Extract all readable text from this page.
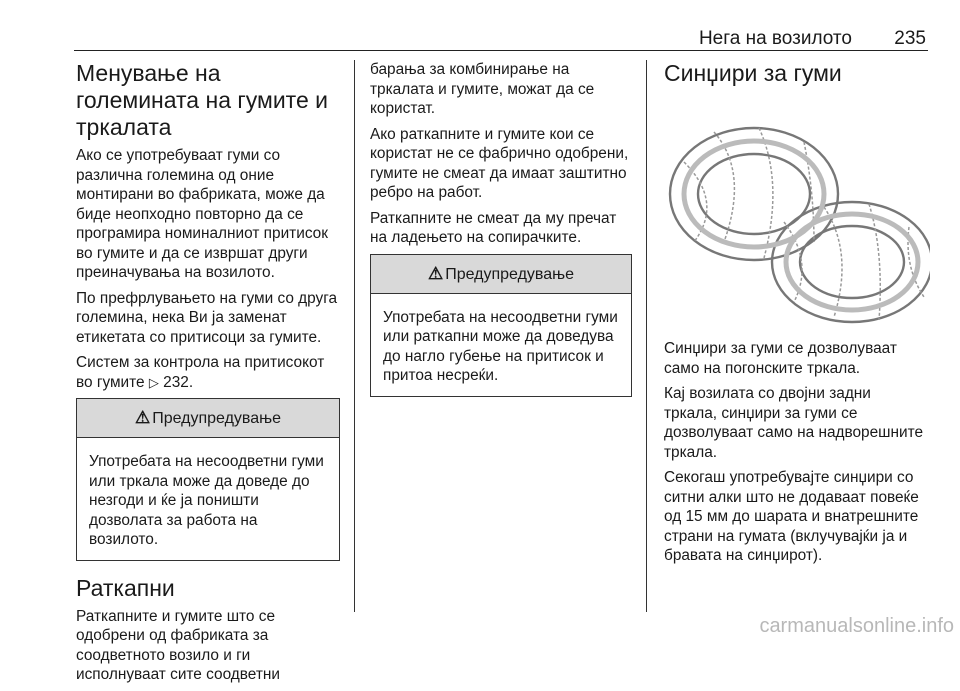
Нега на возилото 235
Менување на големината на гумите и тркалата

Ако се употребуваат гуми со различна големина од оние монтирани во фабриката, може да биде неопходно повторно да се програмира номиналниот притисок во гумите и да се извршат други преиначувања на возилото.

По префрлувањето на гуми со друга големина, нека Ви ја заменат етикетата со притисоци за гумите.

Систем за контрола на притисокот во гумите ▷ 232.

⚠ Предупредување
Употребата на несоодветни гуми или тркала може да доведе до незгоди и ќе ја поништи дозволата за работа на возилото.
Раткапни

Раткапните и гумите што се одобрени од фабриката за соодветното возило и ги исполнуваат сите соодветни

барања за комбинирање на тркалата и гумите, можат да се користат.

Ако раткапните и гумите кои се користат не се фабрично одобрени, гумите не смеат да имаат заштитно ребро на работ.

Раткапните не смеат да му пречат на ладењето на сопирачките.

⚠ Предупредување
Употребата на несоодветни гуми или раткапни може да доведува до нагло губење на притисок и притоа несреќи.
Синџири за гуми

Синџири за гуми се дозволуваат само на погонските тркала.

Кај возилата со двојни задни тркала, синџири за гуми се дозволуваат само на надворешните тркала.

Секогаш употребувајте синџири со ситни алки што не додаваат повеќе од 15 мм до шарата и внатрешните страни на гумата (вклучувајќи ја и бравата на синџирот).

carmanualsonline.info
